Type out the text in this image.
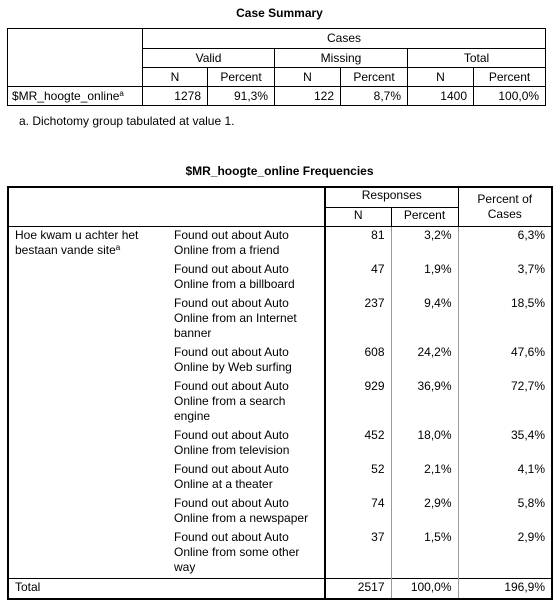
Case Summary
	Cases					
	Valid		Missing		Total	
	N	Percent	N	Percent	N	Percent
$MR_hoogte_online$^a$	1278	91,3%	122	8,7%	1400	100,0%
a. Dichotomy group tabulated at value 1.
$MR_hoogte_online Frequencies
		Responses		Percent of Cases
		N	Percent	
Hoe kwam u achter het bestaan vande site$^a$	Found out about Auto Online from a friend	81	3,2%	6,3%
	Found out about Auto Online from a billboard	47	1,9%	3,7%
	Found out about Auto Online from an Internet banner	237	9,4%	18,5%
	Found out about Auto Online by Web surfing	608	24,2%	47,6%
	Found out about Auto Online from a search engine	929	36,9%	72,7%
	Found out about Auto Online from television	452	18,0%	35,4%
	Found out about Auto Online at a theater	52	2,1%	4,1%
	Found out about Auto Online from a newspaper	74	2,9%	5,8%
	Found out about Auto Online from some other way	37	1,5%	2,9%
Total		2517	100,0%	196,9%
